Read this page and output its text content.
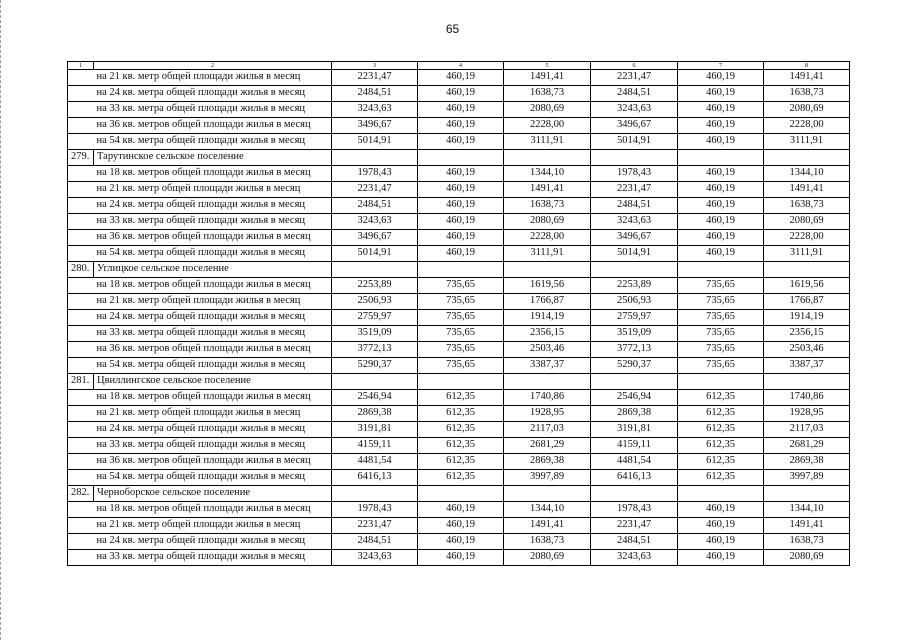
65
1	2	3	4	5	6	7	8
	на 21 кв. метр общей площади жилья в месяц	2231,47	460,19	1491,41	2231,47	460,19	1491,41
	на 24 кв. метра общей площади жилья в месяц	2484,51	460,19	1638,73	2484,51	460,19	1638,73
	на 33 кв. метра общей площади жилья в месяц	3243,63	460,19	2080,69	3243,63	460,19	2080,69
	на 36 кв. метров общей площади жилья в месяц	3496,67	460,19	2228,00	3496,67	460,19	2228,00
	на 54 кв. метра общей площади жилья в месяц	5014,91	460,19	3111,91	5014,91	460,19	3111,91
279.	Тарутинское сельское поселение						
	на 18 кв. метров общей площади жилья в месяц	1978,43	460,19	1344,10	1978,43	460,19	1344,10
	на 21 кв. метр общей площади жилья в месяц	2231,47	460,19	1491,41	2231,47	460,19	1491,41
	на 24 кв. метра общей площади жилья в месяц	2484,51	460,19	1638,73	2484,51	460,19	1638,73
	на 33 кв. метра общей площади жилья в месяц	3243,63	460,19	2080,69	3243,63	460,19	2080,69
	на 36 кв. метров общей площади жилья в месяц	3496,67	460,19	2228,00	3496,67	460,19	2228,00
	на 54 кв. метра общей площади жилья в месяц	5014,91	460,19	3111,91	5014,91	460,19	3111,91
280.	Углицкое сельское поселение						
	на 18 кв. метров общей площади жилья в месяц	2253,89	735,65	1619,56	2253,89	735,65	1619,56
	на 21 кв. метр общей площади жилья в месяц	2506,93	735,65	1766,87	2506,93	735,65	1766,87
	на 24 кв. метра общей площади жилья в месяц	2759,97	735,65	1914,19	2759,97	735,65	1914,19
	на 33 кв. метра общей площади жилья в месяц	3519,09	735,65	2356,15	3519,09	735,65	2356,15
	на 36 кв. метров общей площади жилья в месяц	3772,13	735,65	2503,46	3772,13	735,65	2503,46
	на 54 кв. метра общей площади жилья в месяц	5290,37	735,65	3387,37	5290,37	735,65	3387,37
281.	Цвиллингское сельское поселение						
	на 18 кв. метров общей площади жилья в месяц	2546,94	612,35	1740,86	2546,94	612,35	1740,86
	на 21 кв. метр общей площади жилья в месяц	2869,38	612,35	1928,95	2869,38	612,35	1928,95
	на 24 кв. метра общей площади жилья в месяц	3191,81	612,35	2117,03	3191,81	612,35	2117,03
	на 33 кв. метра общей площади жилья в месяц	4159,11	612,35	2681,29	4159,11	612,35	2681,29
	на 36 кв. метров общей площади жилья в месяц	4481,54	612,35	2869,38	4481,54	612,35	2869,38
	на 54 кв. метра общей площади жилья в месяц	6416,13	612,35	3997,89	6416,13	612,35	3997,89
282.	Черноборское сельское поселение						
	на 18 кв. метров общей площади жилья в месяц	1978,43	460,19	1344,10	1978,43	460,19	1344,10
	на 21 кв. метр общей площади жилья в месяц	2231,47	460,19	1491,41	2231,47	460,19	1491,41
	на 24 кв. метра общей площади жилья в месяц	2484,51	460,19	1638,73	2484,51	460,19	1638,73
	на 33 кв. метра общей площади жилья в месяц	3243,63	460,19	2080,69	3243,63	460,19	2080,69
